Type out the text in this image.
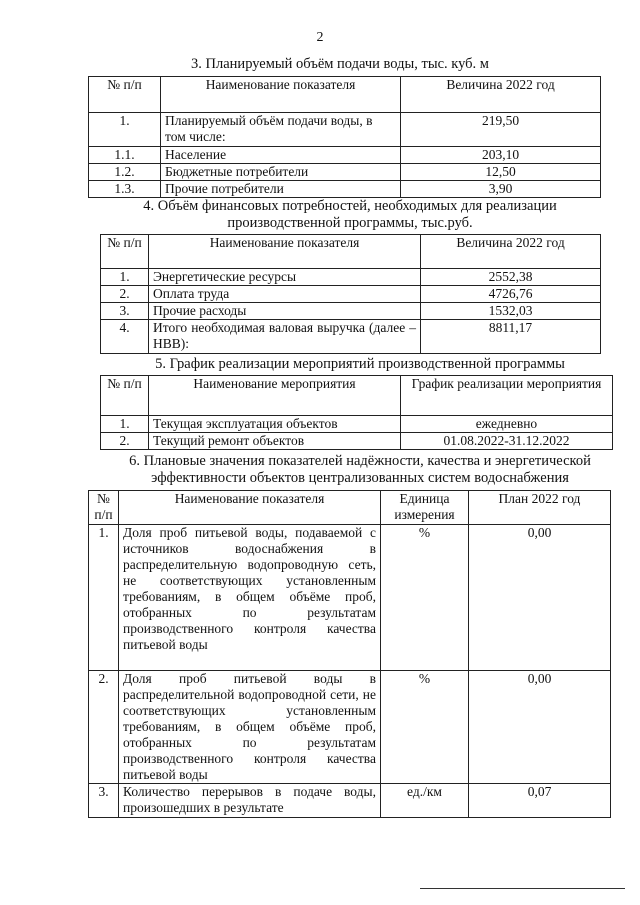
2
3. Планируемый объём подачи воды, тыс. куб. м
№ п/п	Наименование показателя	Величина 2022 год
1.	Планируемый объём подачи воды, в том числе:	219,50
1.1.	Население	203,10
1.2.	Бюджетные потребители	12,50
1.3.	Прочие потребители	3,90
4. Объём финансовых потребностей, необходимых для реализации производственной программы, тыс.руб.
№ п/п	Наименование показателя	Величина 2022 год
1.	Энергетические ресурсы	2552,38
2.	Оплата труда	4726,76
3.	Прочие расходы	1532,03
4.	Итого необходимая валовая выручка (далее – НВВ):	8811,17
5. График реализации мероприятий производственной программы
№ п/п	Наименование мероприятия	График реализации мероприятия
1.	Текущая эксплуатация объектов	ежедневно
2.	Текущий ремонт объектов	01.08.2022-31.12.2022
6. Плановые значения показателей надёжности, качества и энергетической эффективности объектов централизованных систем водоснабжения
№ п/п	Наименование показателя	Единица измерения	План 2022 год
1.	Доля проб питьевой воды, подаваемой с источников водоснабжения в распределительную водопроводную сеть, не соответствующих установленным требованиям, в общем объёме проб, отобранных по результатам производственного контроля качества питьевой воды	%	0,00
2.	Доля проб питьевой воды в распределительной водопроводной сети, не соответствующих установленным требованиям, в общем объёме проб, отобранных по результатам производственного контроля качества питьевой воды	%	0,00
3.	Количество перерывов в подаче воды, произошедших в результате	ед./км	0,07
